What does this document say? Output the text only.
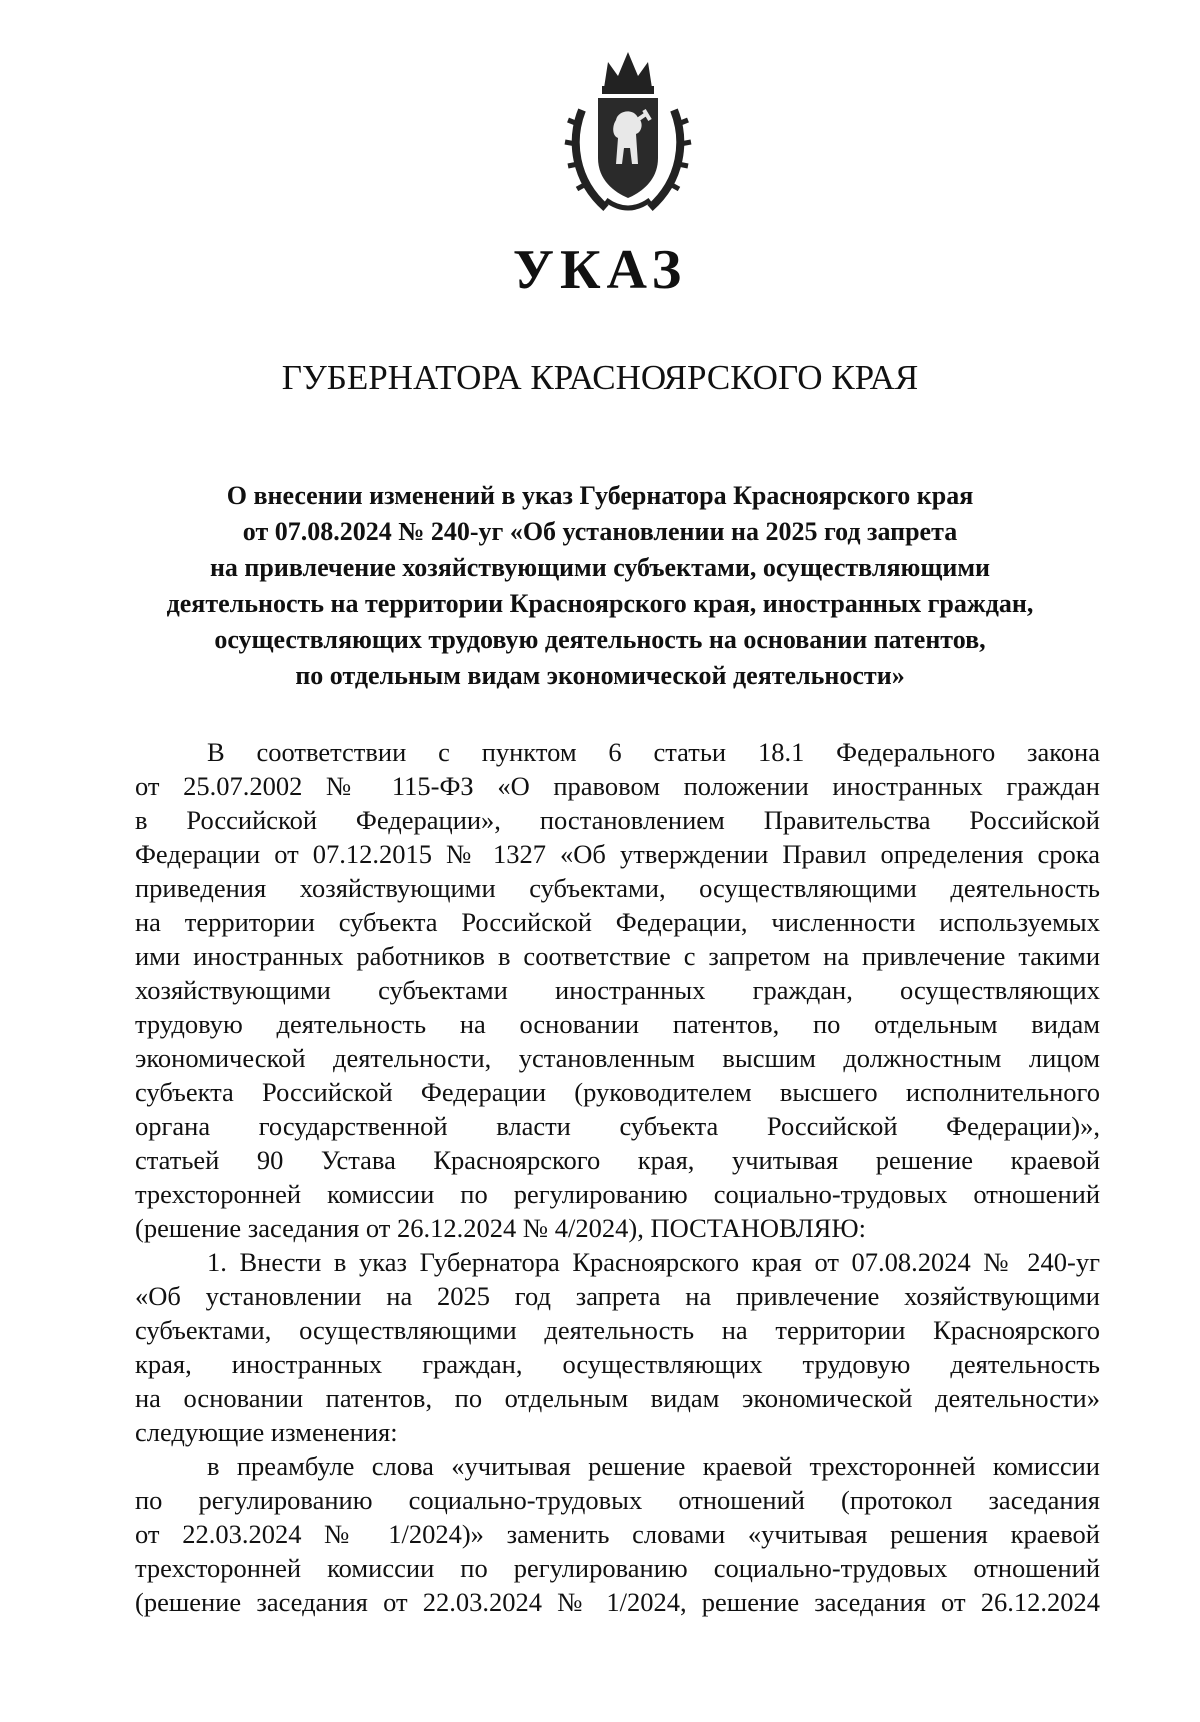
УКАЗ
ГУБЕРНАТОРА КРАСНОЯРСКОГО КРАЯ
О внесении изменений в указ Губернатора Красноярского края
от 07.08.2024 № 240-уг «Об установлении на 2025 год запрета
на привлечение хозяйствующими субъектами, осуществляющими
деятельность на территории Красноярского края, иностранных граждан,
осуществляющих трудовую деятельность на основании патентов,
по отдельным видам экономической деятельности»
В соответствии с пунктом 6 статьи 18.1 Федерального закона
от 25.07.2002 № 115-ФЗ «О правовом положении иностранных граждан
в Российской Федерации», постановлением Правительства Российской
Федерации от 07.12.2015 № 1327 «Об утверждении Правил определения срока
приведения хозяйствующими субъектами, осуществляющими деятельность
на территории субъекта Российской Федерации, численности используемых
ими иностранных работников в соответствие с запретом на привлечение такими
хозяйствующими субъектами иностранных граждан, осуществляющих
трудовую деятельность на основании патентов, по отдельным видам
экономической деятельности, установленным высшим должностным лицом
субъекта Российской Федерации (руководителем высшего исполнительного
органа государственной власти субъекта Российской Федерации)»,
статьей 90 Устава Красноярского края, учитывая решение краевой
трехсторонней комиссии по регулированию социально-трудовых отношений
(решение заседания от 26.12.2024 № 4/2024), ПОСТАНОВЛЯЮ:
1. Внести в указ Губернатора Красноярского края от 07.08.2024 № 240-уг
«Об установлении на 2025 год запрета на привлечение хозяйствующими
субъектами, осуществляющими деятельность на территории Красноярского
края, иностранных граждан, осуществляющих трудовую деятельность
на основании патентов, по отдельным видам экономической деятельности»
следующие изменения:
в преамбуле слова «учитывая решение краевой трехсторонней комиссии
по регулированию социально-трудовых отношений (протокол заседания
от 22.03.2024 № 1/2024)» заменить словами «учитывая решения краевой
трехсторонней комиссии по регулированию социально-трудовых отношений
(решение заседания от 22.03.2024 № 1/2024, решение заседания от 26.12.2024
